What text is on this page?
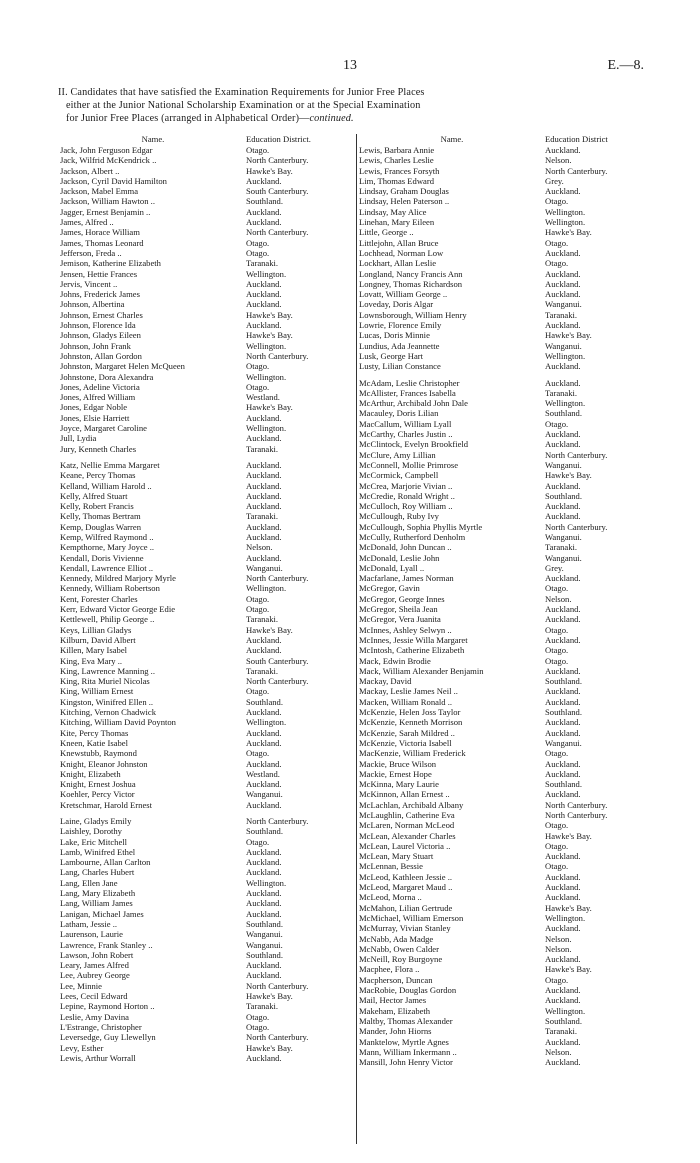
13	E.—8.
II. Candidates that have satisfied the Examination Requirements for Junior Free Places
either at the Junior National Scholarship Examination or at the Special Examination
for Junior Free Places (arranged in Alphabetical Order)—continued.
Name.	Education District.
Jack, John Ferguson Edgar	Otago.
Jack, Wilfrid McKendrick ..	North Canterbury.
Jackson, Albert ..	Hawke's Bay.
Jackson, Cyril David Hamilton	Auckland.
Jackson, Mabel Emma	South Canterbury.
Jackson, William Hawton ..	Southland.
Jagger, Ernest Benjamin ..	Auckland.
James, Alfred ..	Auckland.
James, Horace William	North Canterbury.
James, Thomas Leonard	Otago.
Jefferson, Freda ..	Otago.
Jemison, Katherine Elizabeth	Taranaki.
Jensen, Hettie Frances	Wellington.
Jervis, Vincent ..	Auckland.
Johns, Frederick James	Auckland.
Johnson, Albertina	Auckland.
Johnson, Ernest Charles	Hawke's Bay.
Johnson, Florence Ida	Auckland.
Johnson, Gladys Eileen	Hawke's Bay.
Johnson, John Frank	Wellington.
Johnston, Allan Gordon	North Canterbury.
Johnston, Margaret Helen McQueen	Otago.
Johnstone, Dora Alexandra	Wellington.
Jones, Adeline Victoria	Otago.
Jones, Alfred William	Westland.
Jones, Edgar Noble	Hawke's Bay.
Jones, Elsie Harriett	Auckland.
Joyce, Margaret Caroline	Wellington.
Jull, Lydia	Auckland.
Jury, Kenneth Charles	Taranaki.
Katz, Nellie Emma Margaret	Auckland.
Keane, Percy Thomas	Auckland.
Kelland, William Harold ..	Auckland.
Kelly, Alfred Stuart	Auckland.
Kelly, Robert Francis	Auckland.
Kelly, Thomas Bertram	Taranaki.
Kemp, Douglas Warren	Auckland.
Kemp, Wilfred Raymond ..	Auckland.
Kempthorne, Mary Joyce ..	Nelson.
Kendall, Doris Vivienne	Auckland.
Kendall, Lawrence Elliot ..	Wanganui.
Kennedy, Mildred Marjory Myrle	North Canterbury.
Kennedy, William Robertson	Wellington.
Kent, Forester Charles	Otago.
Kerr, Edward Victor George Edie	Otago.
Kettlewell, Philip George ..	Taranaki.
Keys, Lillian Gladys	Hawke's Bay.
Kilburn, David Albert	Auckland.
Killen, Mary Isabel	Auckland.
King, Eva Mary ..	South Canterbury.
King, Lawrence Manning ..	Taranaki.
King, Rita Muriel Nicolas	North Canterbury.
King, William Ernest	Otago.
Kingston, Winifred Ellen ..	Southland.
Kitching, Vernon Chadwick	Auckland.
Kitching, William David Poynton	Wellington.
Kite, Percy Thomas	Auckland.
Kneen, Katie Isabel	Auckland.
Knewstubb, Raymond	Otago.
Knight, Eleanor Johnston	Auckland.
Knight, Elizabeth	Westland.
Knight, Ernest Joshua	Auckland.
Koehler, Percy Victor	Wanganui.
Kretschmar, Harold Ernest	Auckland.
Laine, Gladys Emily	North Canterbury.
Laishley, Dorothy	Southland.
Lake, Eric Mitchell	Otago.
Lamb, Winifred Ethel	Auckland.
Lambourne, Allan Carlton	Auckland.
Lang, Charles Hubert	Auckland.
Lang, Ellen Jane	Wellington.
Lang, Mary Elizabeth	Auckland.
Lang, William James	Auckland.
Lanigan, Michael James	Auckland.
Latham, Jessie ..	Southland.
Laurenson, Laurie	Wanganui.
Lawrence, Frank Stanley ..	Wanganui.
Lawson, John Robert	Southland.
Leary, James Alfred	Auckland.
Lee, Aubrey George	Auckland.
Lee, Minnie	North Canterbury.
Lees, Cecil Edward	Hawke's Bay.
Lepine, Raymond Horton ..	Taranaki.
Leslie, Amy Davina	Otago.
L'Estrange, Christopher	Otago.
Leversedge, Guy Llewellyn	North Canterbury.
Levy, Esther	Hawke's Bay.
Lewis, Arthur Worrall	Auckland.
Name.	Education District
Lewis, Barbara Annie	Auckland.
Lewis, Charles Leslie	Nelson.
Lewis, Frances Forsyth	North Canterbury.
Lim, Thomas Edward	Grey.
Lindsay, Graham Douglas	Auckland.
Lindsay, Helen Paterson ..	Otago.
Lindsay, May Alice	Wellington.
Linehan, Mary Eileen	Wellington.
Little, George ..	Hawke's Bay.
Littlejohn, Allan Bruce	Otago.
Lochhead, Norman Low	Auckland.
Lockhart, Allan Leslie	Otago.
Longland, Nancy Francis Ann	Auckland.
Longney, Thomas Richardson	Auckland.
Lovatt, William George ..	Auckland.
Loveday, Doris Algar	Wanganui.
Lownsborough, William Henry	Taranaki.
Lowrie, Florence Emily	Auckland.
Lucas, Doris Minnie	Hawke's Bay.
Lundius, Ada Jeannette	Wanganui.
Lusk, George Hart	Wellington.
Lusty, Lilian Constance	Auckland.
McAdam, Leslie Christopher	Auckland.
McAllister, Frances Isabella	Taranaki.
McArthur, Archibald John Dale	Wellington.
Macauley, Doris Lilian	Southland.
MacCallum, William Lyall	Otago.
McCarthy, Charles Justin ..	Auckland.
McClintock, Evelyn Brookfield	Auckland.
McClure, Amy Lillian	North Canterbury.
McConnell, Mollie Primrose	Wanganui.
McCormick, Campbell	Hawke's Bay.
McCrea, Marjorie Vivian ..	Auckland.
McCredie, Ronald Wright ..	Southland.
McCulloch, Roy William ..	Auckland.
McCullough, Ruby Ivy	Auckland.
McCullough, Sophia Phyllis Myrtle	North Canterbury.
McCully, Rutherford Denholm	Wanganui.
McDonald, John Duncan ..	Taranaki.
McDonald, Leslie John	Wanganui.
McDonald, Lyall ..	Grey.
Macfarlane, James Norman	Auckland.
McGregor, Gavin	Otago.
McGregor, George Innes	Nelson.
McGregor, Sheila Jean	Auckland.
McGregor, Vera Juanita	Auckland.
McInnes, Ashley Selwyn ..	Otago.
McInnes, Jessie Willa Margaret	Auckland.
McIntosh, Catherine Elizabeth	Otago.
Mack, Edwin Brodie	Otago.
Mack, William Alexander Benjamin	Auckland.
Mackay, David	Southland.
Mackay, Leslie James Neil ..	Auckland.
Macken, William Ronald ..	Auckland.
McKenzie, Helen Joss Taylor	Southland.
McKenzie, Kenneth Morrison	Auckland.
McKenzie, Sarah Mildred ..	Auckland.
McKenzie, Victoria Isabell	Wanganui.
MacKenzie, William Frederick	Otago.
Mackie, Bruce Wilson	Auckland.
Mackie, Ernest Hope	Auckland.
McKinna, Mary Laurie	Southland.
McKinnon, Allan Ernest ..	Auckland.
McLachlan, Archibald Albany	North Canterbury.
McLaughlin, Catherine Eva	North Canterbury.
McLaren, Norman McLeod	Otago.
McLean, Alexander Charles	Hawke's Bay.
McLean, Laurel Victoria ..	Otago.
McLean, Mary Stuart	Auckland.
McLennan, Bessie	Otago.
McLeod, Kathleen Jessie ..	Auckland.
McLeod, Margaret Maud ..	Auckland.
McLeod, Morna ..	Auckland.
McMahon, Lilian Gertrude	Hawke's Bay.
McMichael, William Emerson	Wellington.
McMurray, Vivian Stanley	Auckland.
McNabb, Ada Madge	Nelson.
McNabb, Owen Calder	Nelson.
McNeill, Roy Burgoyne	Auckland.
Macphee, Flora ..	Hawke's Bay.
Macpherson, Duncan	Otago.
MacRobie, Douglas Gordon	Auckland.
Mail, Hector James	Auckland.
Makeham, Elizabeth	Wellington.
Maltby, Thomas Alexander	Southland.
Mander, John Hiorns	Taranaki.
Manktelow, Myrtle Agnes	Auckland.
Mann, William Inkermann ..	Nelson.
Mansill, John Henry Victor	Auckland.
